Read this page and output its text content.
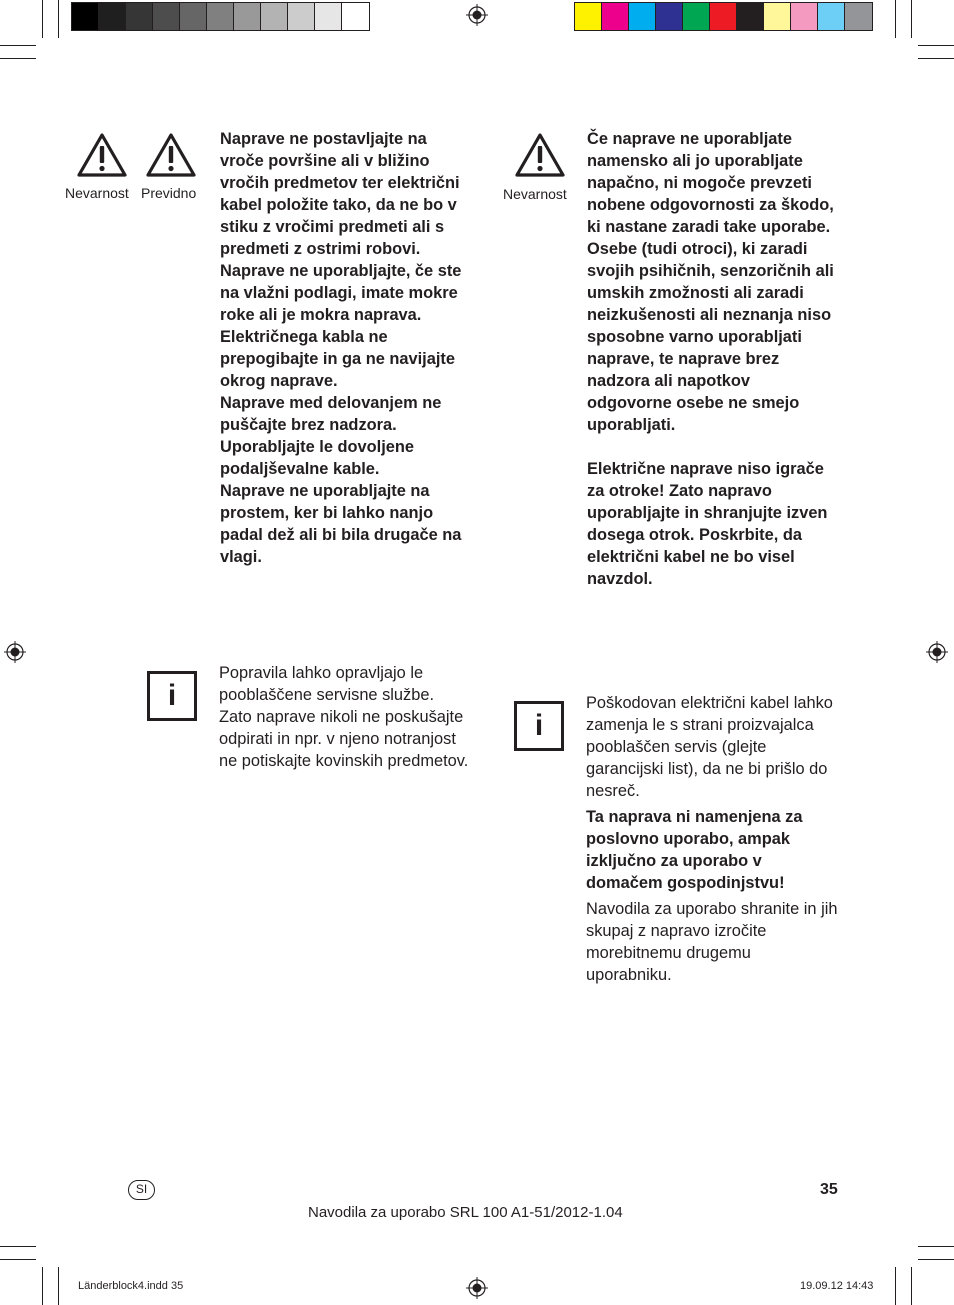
Nevarnost Previdno
Naprave ne postavljajte na vroče površine ali v bližino vročih predmetov ter električni kabel položite tako, da ne bo v stiku z vročimi predmeti ali s predmeti z ostrimi robovi.
Naprave ne uporabljajte, če ste na vlažni podlagi, imate mokre roke ali je mokra naprava.
Električnega kabla ne prepogibajte in ga ne navijajte okrog naprave.
Naprave med delovanjem ne puščajte brez nadzora.
Uporabljajte le dovoljene podaljševalne kable.
Naprave ne uporabljajte na prostem, ker bi lahko nanjo padal dež ali bi bila drugače na vlagi.
i
Popravila lahko opravljajo le pooblaščene servisne službe. Zato naprave nikoli ne poskušajte odpirati in npr. v njeno notranjost ne potiskajte kovinskih predmetov.
Nevarnost
Če naprave ne uporabljate namensko ali jo uporabljate napačno, ni mogoče prevzeti nobene odgovornosti za škodo, ki nastane zaradi take uporabe.
Osebe (tudi otroci), ki zaradi svojih psihičnih, senzoričnih ali umskih zmožnosti ali zaradi neizkušenosti ali neznanja niso sposobne varno uporabljati naprave, te naprave brez nadzora ali napotkov odgovorne osebe ne smejo uporabljati.
Električne naprave niso igrače za otroke! Zato napravo uporabljajte in shranjujte izven dosega otrok. Poskrbite, da električni kabel ne bo visel navzdol.
i
Poškodovan električni kabel lahko zamenja le s strani proizvajalca pooblaščen servis (glejte garancijski list), da ne bi prišlo do nesreč.
Ta naprava ni namenjena za poslovno uporabo, ampak izključno za uporabo v domačem gospodinjstvu!
Navodila za uporabo shranite in jih skupaj z napravo izročite morebitnemu drugemu uporabniku.
SI	35
Navodila za uporabo SRL 100 A1-51/2012-1.04
Länderblock4.indd 35	19.09.12 14:43
